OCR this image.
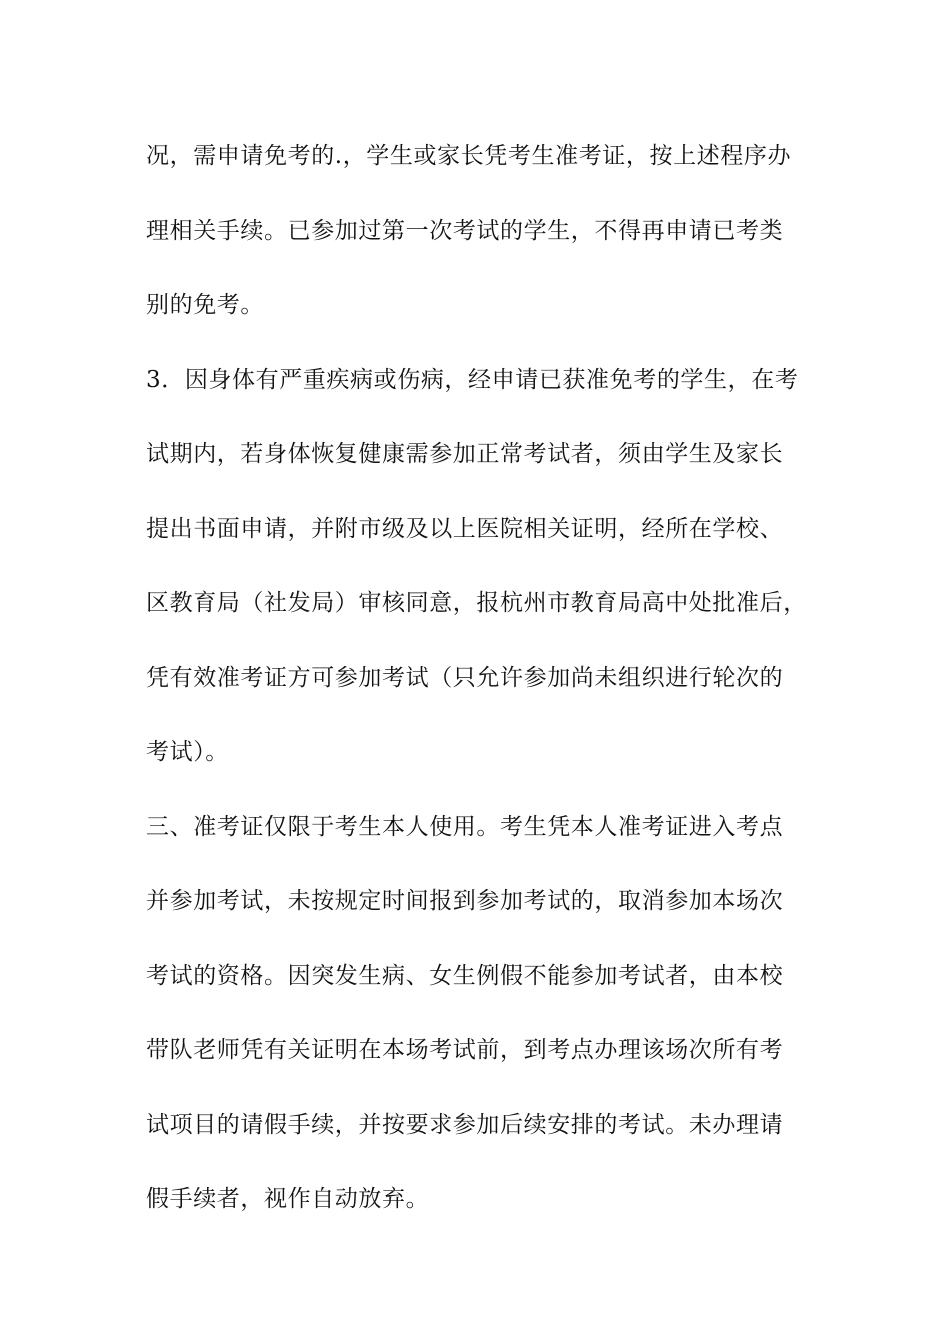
况，需申请免考的.，学生或家长凭考生准考证，按上述程序办
理相关手续。已参加过第一次考试的学生，不得再申请已考类
别的免考。
3．因身体有严重疾病或伤病，经申请已获准免考的学生，在考
试期内，若身体恢复健康需参加正常考试者，须由学生及家长
提出书面申请，并附市级及以上医院相关证明，经所在学校、
区教育局（社发局）审核同意，报杭州市教育局高中处批准后，
凭有效准考证方可参加考试（只允许参加尚未组织进行轮次的
考试）。
三、准考证仅限于考生本人使用。考生凭本人准考证进入考点
并参加考试，未按规定时间报到参加考试的，取消参加本场次
考试的资格。因突发生病、女生例假不能参加考试者，由本校
带队老师凭有关证明在本场考试前，到考点办理该场次所有考
试项目的请假手续，并按要求参加后续安排的考试。未办理请
假手续者，视作自动放弃。
